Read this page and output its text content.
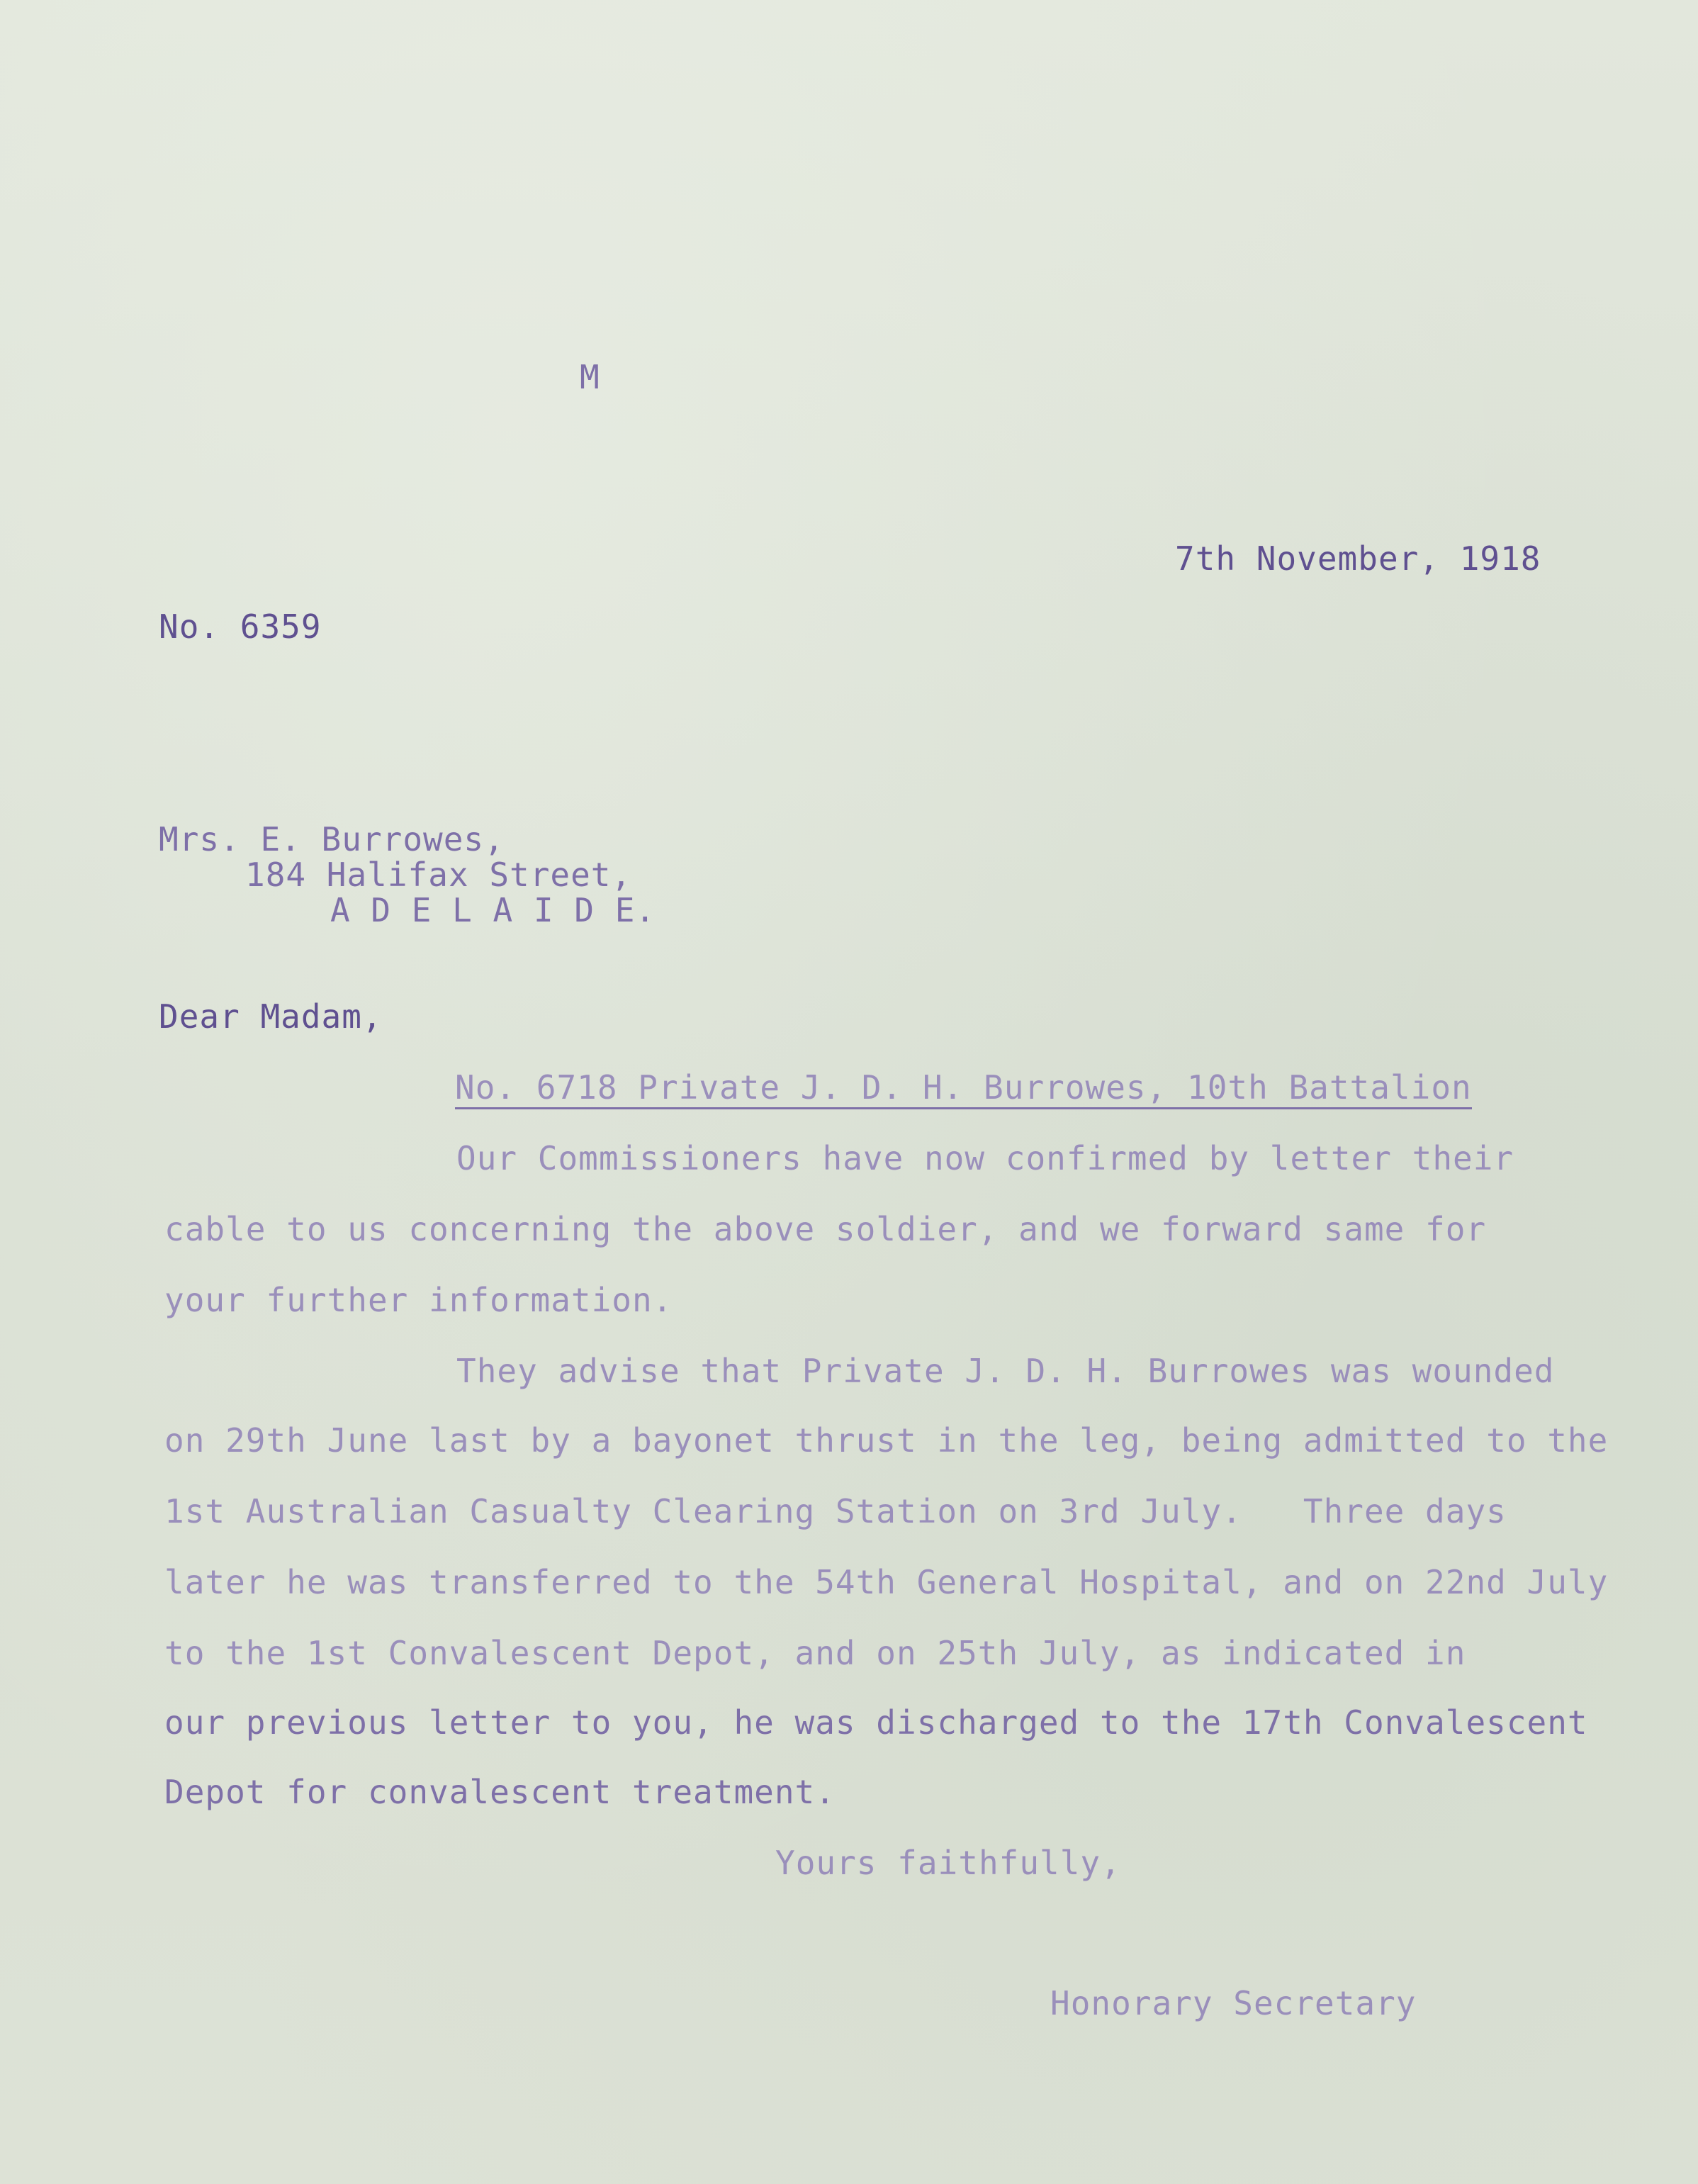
M
7th November, 1918
No. 6359
Mrs. E. Burrowes,
184 Halifax Street,
A D E L A I D E.
Dear Madam,
No. 6718 Private J. D. H. Burrowes, 10th Battalion
Our Commissioners have now confirmed by letter their
cable to us concerning the above soldier, and we forward same for
your further information.
They advise that Private J. D. H. Burrowes was wounded
on 29th June last by a bayonet thrust in the leg, being admitted to the
1st Australian Casualty Clearing Station on 3rd July.   Three days
later he was transferred to the 54th General Hospital, and on 22nd July
to the 1st Convalescent Depot, and on 25th July, as indicated in
our previous letter to you, he was discharged to the 17th Convalescent
Depot for convalescent treatment.
Yours faithfully,
Honorary Secretary
